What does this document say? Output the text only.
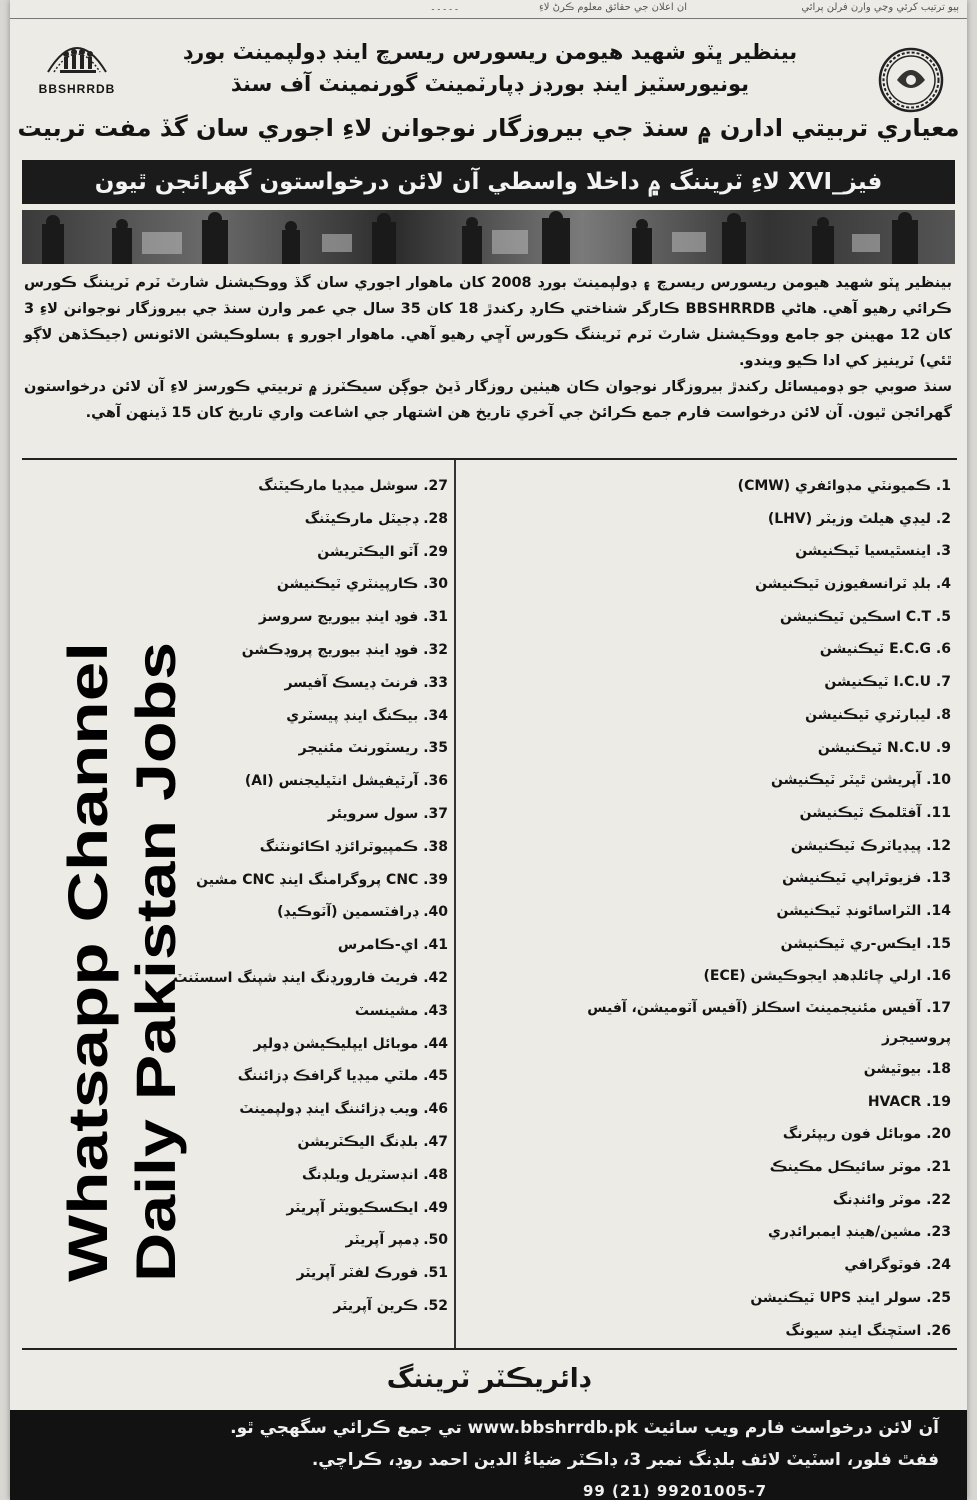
ٻيو ترتيب کرئي وڃي وارن فرلن پرائي
ان اعلان جي حقائق معلوم ڪرڻ لاءِ
۔۔۔۔۔
BBSHRRDB
بينظير ڀٽو شهيد هيومن ريسورس ريسرچ اينڊ ڊولپمينٽ بورڊ
يونيورسٽيز اينڊ بورڊز ڊپارٽمينٽ گورنمينٽ آف سنڌ
معياري تربيتي ادارن ۾ سنڌ جي بيروزگار نوجوانن لاءِ اجوري سان گڏ مفت تربيت
فيز_XVI لاءِ ٽريننگ ۾ داخلا واسطي آن لائن درخواستون گهرائجن ٿيون

بينظير ڀٽو شهيد هيومن ريسورس ريسرچ ۽ ڊولپمينٽ بورڊ 2008 کان ماهوار اجوري سان گڏ ووڪيشنل شارٽ ٽرم ٽريننگ ڪورس ڪرائي رهيو آهي. هاڻي BBSHRRDB ڪارگر شناختي ڪارڊ رکندڙ 18 کان 35 سال جي عمر وارن سنڌ جي بيروزگار نوجوانن لاءِ 3 کان 12 مهينن جو جامع ووڪيشنل شارٽ ٽرم ٽريننگ ڪورس آڇي رهيو آهي. ماهوار اجورو ۽ بسلوڪيشن الائونس (جيڪڏهن لاڳو ٿئي) ٽرينيز کي ادا ڪيو ويندو.

سنڌ صوبي جو ڊوميسائل رکندڙ بيروزگار نوجوان ڪان هيٺين روزگار ڏيڻ جوڳن سيڪٽرز ۾ تربيتي ڪورسز لاءِ آن لائن درخواستون گهرائجن ٿيون. آن لائن درخواست فارم جمع ڪرائڻ جي آخري تاريخ هن اشتهار جي اشاعت واري تاريخ کان 15 ڏينهن آهي.

1. ڪميونٽي مڊوائفري (CMW)
2. ليڊي هيلٿ وزيٽر (LHV)
3. اينسٿيسيا ٽيڪنيشن
4. بلڊ ٽرانسفيوزن ٽيڪنيشن
5. C.T اسڪين ٽيڪنيشن
6. E.C.G ٽيڪنيشن
7. I.C.U ٽيڪنيشن
8. ليبارٽري ٽيڪنيشن
9. N.C.U ٽيڪنيشن
10. آپريشن ٿيٽر ٽيڪنيشن
11. آفٿلمڪ ٽيڪنيشن
12. پيڊياٽرڪ ٽيڪنيشن
13. فزيوٿراپي ٽيڪنيشن
14. الٽراسائونڊ ٽيڪنيشن
15. ايڪس-ري ٽيڪنيشن
16. ارلي چائلڊهڊ ايجوڪيشن (ECE)
17. آفيس مئنيجمينٽ اسڪلز (آفيس آٽوميشن، آفيس پروسيجرز
18. بيوٽيشن
19. HVACR
20. موبائل فون ريپئرنگ
21. موٽر سائيڪل مڪينڪ
22. موٽر وائنڊنگ
23. مشين/هينڊ ايمبرائڊري
24. فوٽوگرافي
25. سولر اينڊ UPS ٽيڪنيشن
26. اسٽچنگ اينڊ سيونگ
27. سوشل ميڊيا مارڪيٽنگ
28. ڊجيٽل مارڪيٽنگ
29. آٽو اليڪٽريشن
30. ڪارپينٽري ٽيڪنيشن
31. فوڊ اينڊ بيوريج سروسز
32. فوڊ اينڊ بيوريج پروڊڪشن
33. فرنٽ ڊيسڪ آفيسر
34. بيڪنگ اينڊ پيسٽري
35. ريسٽورنٽ مئنيجر
36. آرٽيفيشل انٽيليجنس (AI)
37. سول سرويئر
38. ڪمپيوٽرائزڊ اڪائونٽنگ
39. CNC پروگرامنگ اينڊ CNC مشين
40. ڊرافٽسمين (آٽوڪيڊ)
41. اي-ڪامرس
42. فريٽ فارورڊنگ اينڊ شپنگ اسسٽنٽ
43. مشينسٽ
44. موبائل ايپليڪيشن ڊولپر
45. ملٽي ميڊيا گرافڪ ڊزائننگ
46. ويب ڊزائننگ اينڊ ڊولپمينٽ
47. بلڊنگ اليڪٽريشن
48. انڊسٽريل ويلڊنگ
49. ايڪسڪيويٽر آپريٽر
50. ڊمپر آپريٽر
51. فورڪ لفٽر آپريٽر
52. ڪرين آپريٽر
ڊائريڪٽر ٽريننگ
آن لائن درخواست فارم ويب سائيٽ www.bbshrrdb.pk تي جمع ڪرائي سگهجي ٿو.
ففٿ فلور، اسٽيٽ لائف بلڊنگ نمبر 3، ڊاڪٽر ضياءُ الدين احمد روڊ، ڪراچي.
99 (21) 99201005-7
Whatsapp Channel Daily Pakistan Jobs
